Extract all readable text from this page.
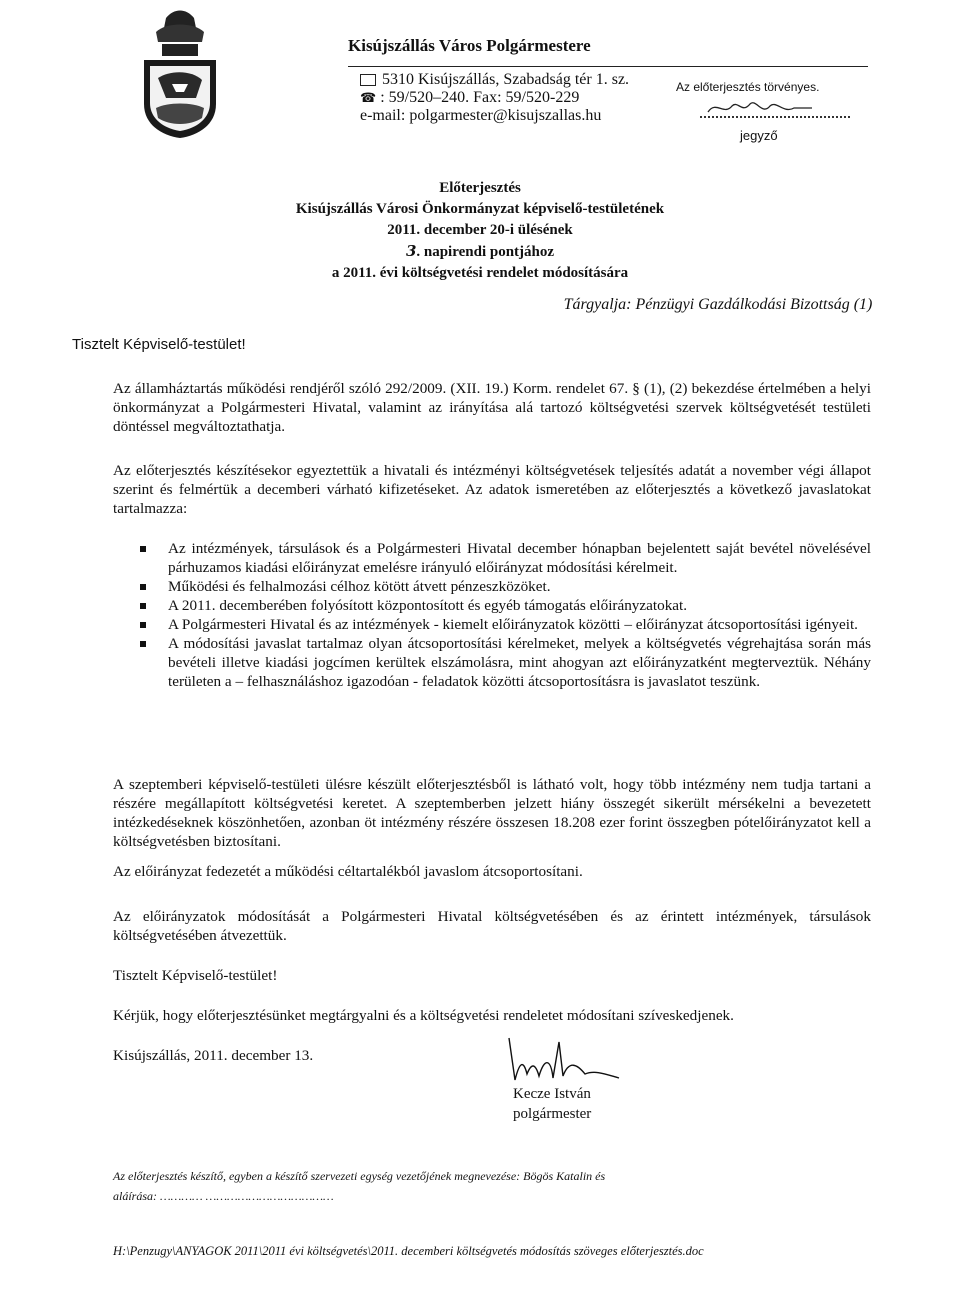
Kisújszállás Város Polgármestere
5310 Kisújszállás, Szabadság tér 1. sz.
☎ : 59/520–240. Fax: 59/520-229
e-mail: polgarmester@kisujszallas.hu
Az előterjesztés törvényes.
jegyző
Előterjesztés
Kisújszállás Városi Önkormányzat képviselő-testületének
2011. december 20-i ülésének
3. napirendi pontjához
a 2011. évi költségvetési rendelet módosítására
Tárgyalja: Pénzügyi Gazdálkodási Bizottság (1)
Tisztelt Képviselő-testület!
Az államháztartás működési rendjéről szóló 292/2009. (XII. 19.) Korm. rendelet 67. § (1), (2) bekezdése értelmében a helyi önkormányzat a Polgármesteri Hivatal, valamint az irányítása alá tartozó költségvetési szervek költségvetését testületi döntéssel megváltoztathatja.
Az előterjesztés készítésekor egyeztettük a hivatali és intézményi költségvetések teljesítés adatát a november végi állapot szerint és felmértük a decemberi várható kifizetéseket. Az adatok ismeretében az előterjesztés a következő javaslatokat tartalmazza:
Az intézmények, társulások és a Polgármesteri Hivatal december hónapban bejelentett saját bevétel növelésével párhuzamos kiadási előirányzat emelésre irányuló előirányzat módosítási kérelmeit.
Működési és felhalmozási célhoz kötött átvett pénzeszközöket.
A 2011. decemberében folyósított központosított és egyéb támogatás előirányzatokat.
A Polgármesteri Hivatal és az intézmények - kiemelt előirányzatok közötti – előirányzat átcsoportosítási igényeit.
A módosítási javaslat tartalmaz olyan átcsoportosítási kérelmeket, melyek a költségvetés végrehajtása során más bevételi illetve kiadási jogcímen kerültek elszámolásra, mint ahogyan azt előirányzatként megterveztük. Néhány területen a – felhasználáshoz igazodóan - feladatok közötti átcsoportosításra is javaslatot teszünk.
A szeptemberi képviselő-testületi ülésre készült előterjesztésből is látható volt, hogy több intézmény nem tudja tartani a részére megállapított költségvetési keretet. A szeptemberben jelzett hiány összegét sikerült mérsékelni a bevezetett intézkedéseknek köszönhetően, azonban öt intézmény részére összesen 18.208 ezer forint összegben pótelőirányzatot kell a költségvetésben biztosítani.
Az előirányzat fedezetét a működési céltartalékból javaslom átcsoportosítani.
Az előirányzatok módosítását a Polgármesteri Hivatal költségvetésében és az érintett intézmények, társulások költségvetésében átvezettük.
Tisztelt Képviselő-testület!
Kérjük, hogy előterjesztésünket megtárgyalni és a költségvetési rendeletet módosítani szíveskedjenek.
Kisújszállás, 2011. december 13.
Kecze István
polgármester
Az előterjesztés készítő, egyben a készítő szervezeti egység vezetőjének megnevezése: Bögös Katalin és
aláírása: ………… ………………………………
H:\Penzugy\ANYAGOK 2011\2011 évi költségvetés\2011. decemberi költségvetés módosítás szöveges előterjesztés.doc
